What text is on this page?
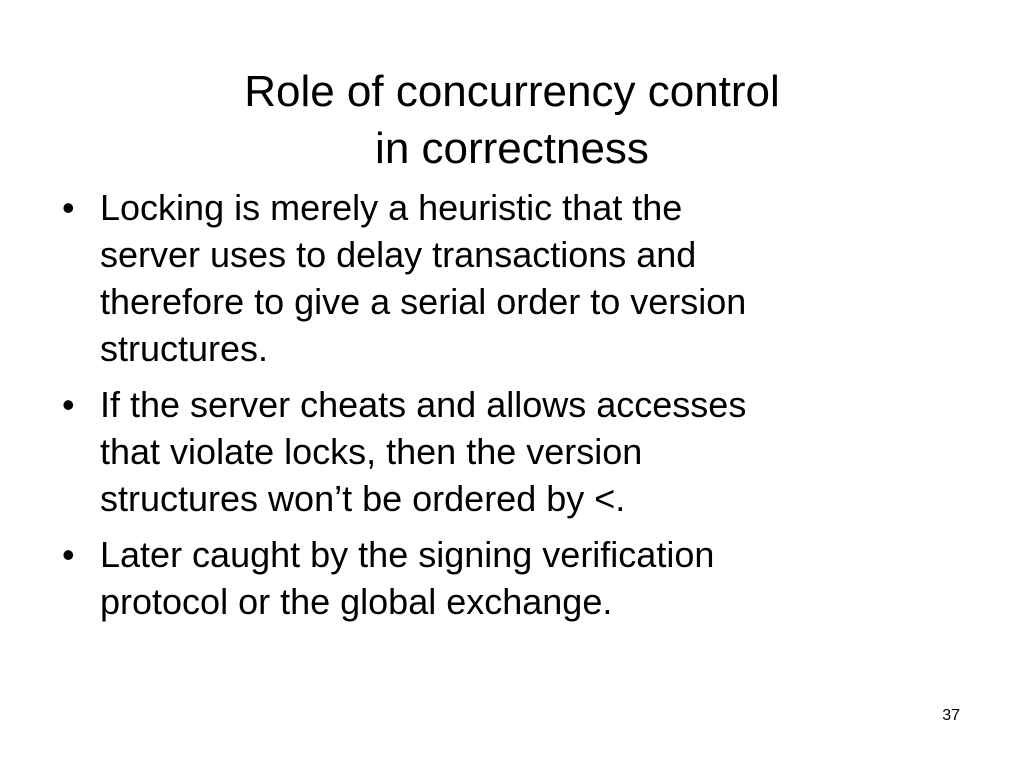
Role of concurrency control
in correctness
• Locking is merely a heuristic that the
server uses to delay transactions and
therefore to give a serial order to version
structures.
• If the server cheats and allows accesses
that violate locks, then the version
structures won’t be ordered by <.
• Later caught by the signing verification
protocol or the global exchange.
37
